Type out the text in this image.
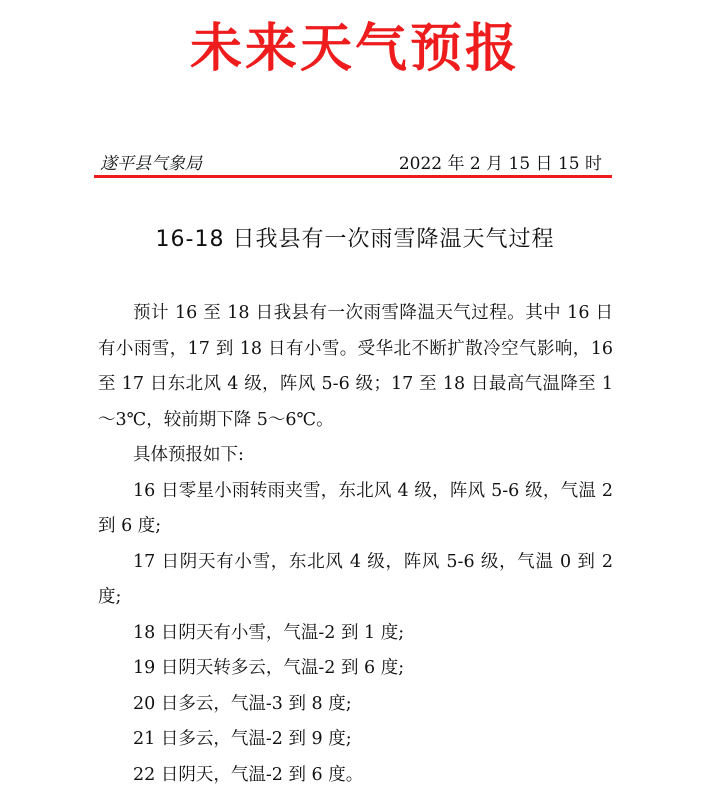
未来天气预报
遂平县气象局	2022 年 2 月 15 日 15 时
16-18 日我县有一次雨雪降温天气过程

预计 16 至 18 日我县有一次雨雪降温天气过程。其中 16 日有小雨雪，17 到 18 日有小雪。受华北不断扩散冷空气影响，16 至 17 日东北风 4 级，阵风 5-6 级；17 至 18 日最高气温降至 1～3℃，较前期下降 5～6℃。

具体预报如下:

16 日零星小雨转雨夹雪，东北风 4 级，阵风 5-6 级，气温 2 到 6 度;

17 日阴天有小雪，东北风 4 级，阵风 5-6 级，气温 0 到 2 度;

18 日阴天有小雪，气温-2 到 1 度;

19 日阴天转多云，气温-2 到 6 度;

20 日多云，气温-3 到 8 度;

21 日多云，气温-2 到 9 度;

22 日阴天，气温-2 到 6 度。
